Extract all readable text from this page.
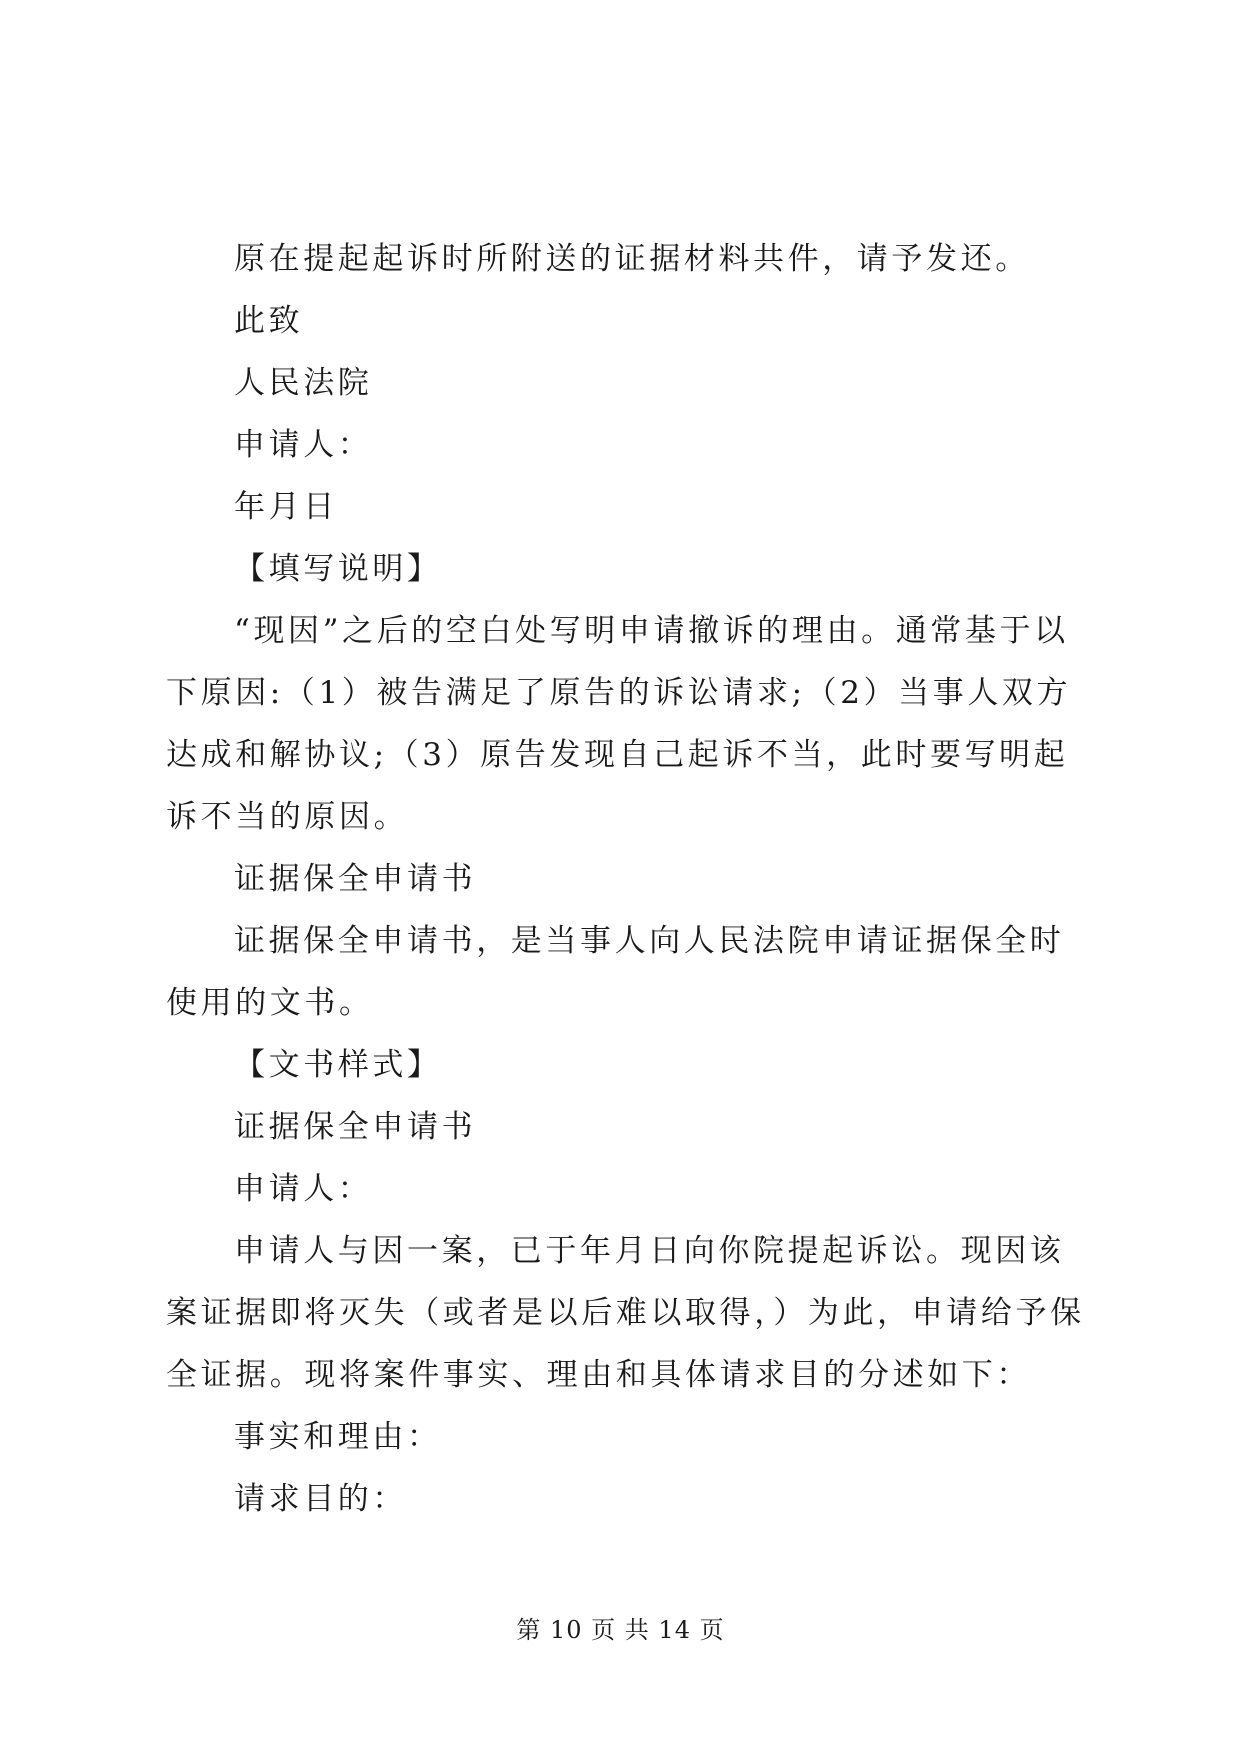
原在提起起诉时所附送的证据材料共件，请予发还。

此致

人民法院

申请人：

年月日

【填写说明】

“现因”之后的空白处写明申请撤诉的理由。通常基于以下原因:（1）被告满足了原告的诉讼请求;（2）当事人双方达成和解协议;（3）原告发现自己起诉不当，此时要写明起诉不当的原因。

证据保全申请书

证据保全申请书，是当事人向人民法院申请证据保全时使用的文书。

【文书样式】

证据保全申请书

申请人：

申请人与因一案，已于年月日向你院提起诉讼。现因该案证据即将灭失（或者是以后难以取得，）为此，申请给予保全证据。现将案件事实、理由和具体请求目的分述如下：

事实和理由：

请求目的：

第 10 页 共 14 页
